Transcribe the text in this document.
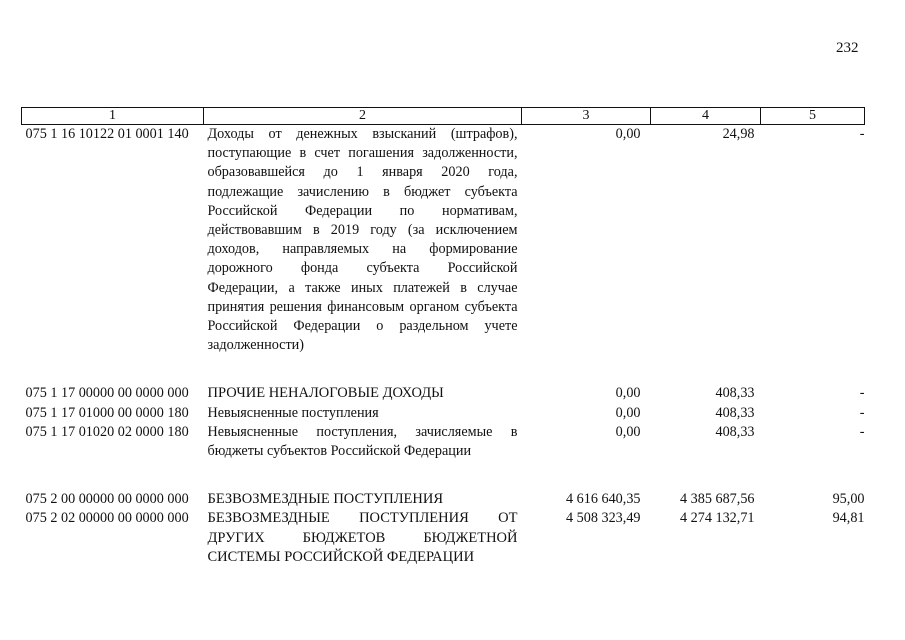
232
1	2	3	4	5
075 1 16 10122 01 0001 140	Доходы от денежных взысканий (штрафов), поступающие в счет погашения задолженности, образовавшейся до 1 января 2020 года, подлежащие зачислению в бюджет субъекта Российской Федерации по нормативам, действовавшим в 2019 году (за исключением доходов, направляемых на формирование дорожного фонда субъекта Российской Федерации, а также иных платежей в случае принятия решения финансовым органом субъекта Российской Федерации о раздельном учете задолженности)	0,00	24,98	-

075 1 17 00000 00 0000 000	ПРОЧИЕ НЕНАЛОГОВЫЕ ДОХОДЫ	0,00	408,33	-
075 1 17 01000 00 0000 180	Невыясненные поступления	0,00	408,33	-
075 1 17 01020 02 0000 180	Невыясненные поступления, зачисляемые в бюджеты субъектов Российской Федерации	0,00	408,33	-

075 2 00 00000 00 0000 000	БЕЗВОЗМЕЗДНЫЕ ПОСТУПЛЕНИЯ	4 616 640,35	4 385 687,56	95,00
075 2 02 00000 00 0000 000	БЕЗВОЗМЕЗДНЫЕ ПОСТУПЛЕНИЯ ОТ ДРУГИХ БЮДЖЕТОВ БЮДЖЕТНОЙ СИСТЕМЫ РОССИЙСКОЙ ФЕДЕРАЦИИ	4 508 323,49	4 274 132,71	94,81
